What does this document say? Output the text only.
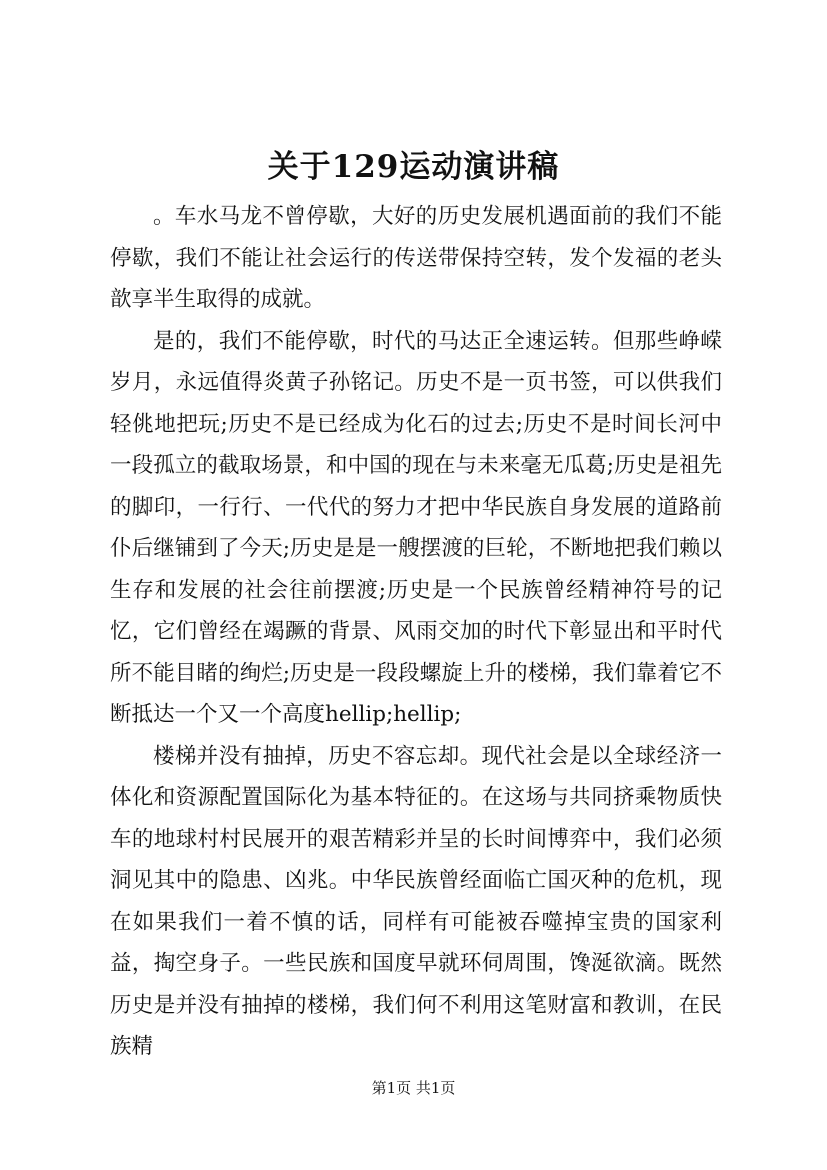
关于129运动演讲稿

。车水马龙不曾停歇，大好的历史发展机遇面前的我们不能停歇，我们不能让社会运行的传送带保持空转，发个发福的老头歆享半生取得的成就。

是的，我们不能停歇，时代的马达正全速运转。但那些峥嵘岁月，永远值得炎黄子孙铭记。历史不是一页书签，可以供我们轻佻地把玩;历史不是已经成为化石的过去;历史不是时间长河中一段孤立的截取场景，和中国的现在与未来毫无瓜葛;历史是祖先的脚印，一行行、一代代的努力才把中华民族自身发展的道路前仆后继铺到了今天;历史是是一艘摆渡的巨轮，不断地把我们赖以生存和发展的社会往前摆渡;历史是一个民族曾经精神符号的记忆，它们曾经在竭蹶的背景、风雨交加的时代下彰显出和平时代所不能目睹的绚烂;历史是一段段螺旋上升的楼梯，我们靠着它不断抵达一个又一个高度hellip;hellip;

楼梯并没有抽掉，历史不容忘却。现代社会是以全球经济一体化和资源配置国际化为基本特征的。在这场与共同挤乘物质快车的地球村村民展开的艰苦精彩并呈的长时间博弈中，我们必须洞见其中的隐患、凶兆。中华民族曾经面临亡国灭种的危机，现在如果我们一着不慎的话，同样有可能被吞噬掉宝贵的国家利益，掏空身子。一些民族和国度早就环伺周围，馋涎欲滴。既然历史是并没有抽掉的楼梯，我们何不利用这笔财富和教训，在民族精

第1页 共1页
